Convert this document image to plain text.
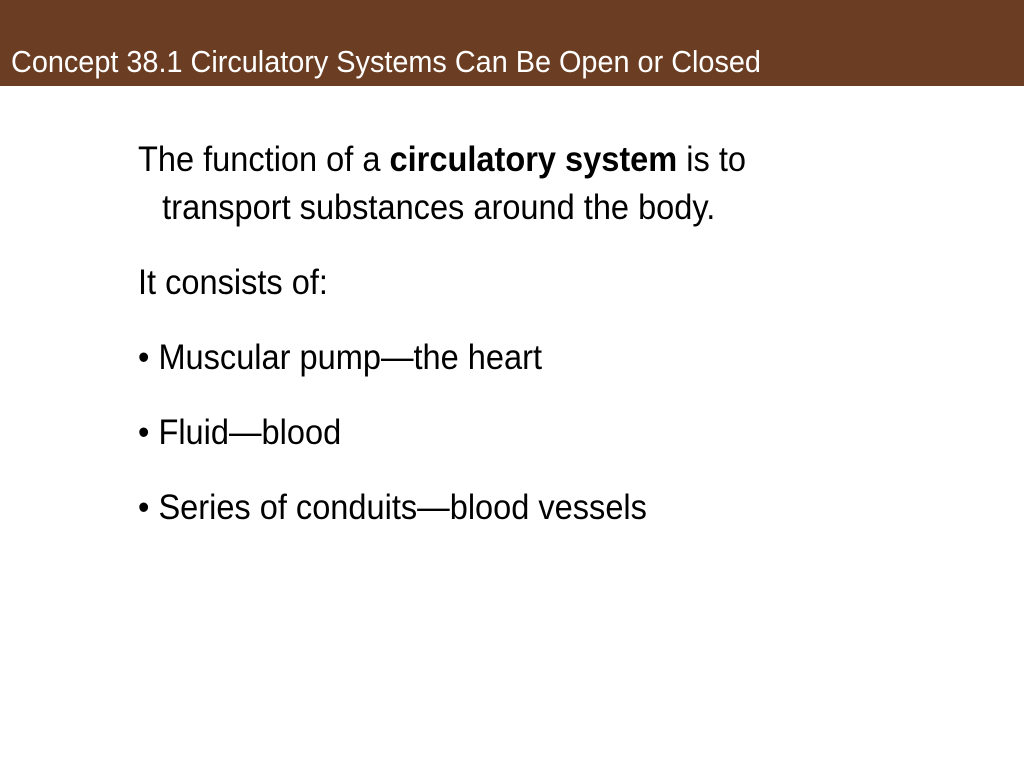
Concept 38.1 Circulatory Systems Can Be Open or Closed

The function of a circulatory system is to transport substances around the body.

It consists of:

• Muscular pump—the heart
• Fluid—blood
• Series of conduits—blood vessels
